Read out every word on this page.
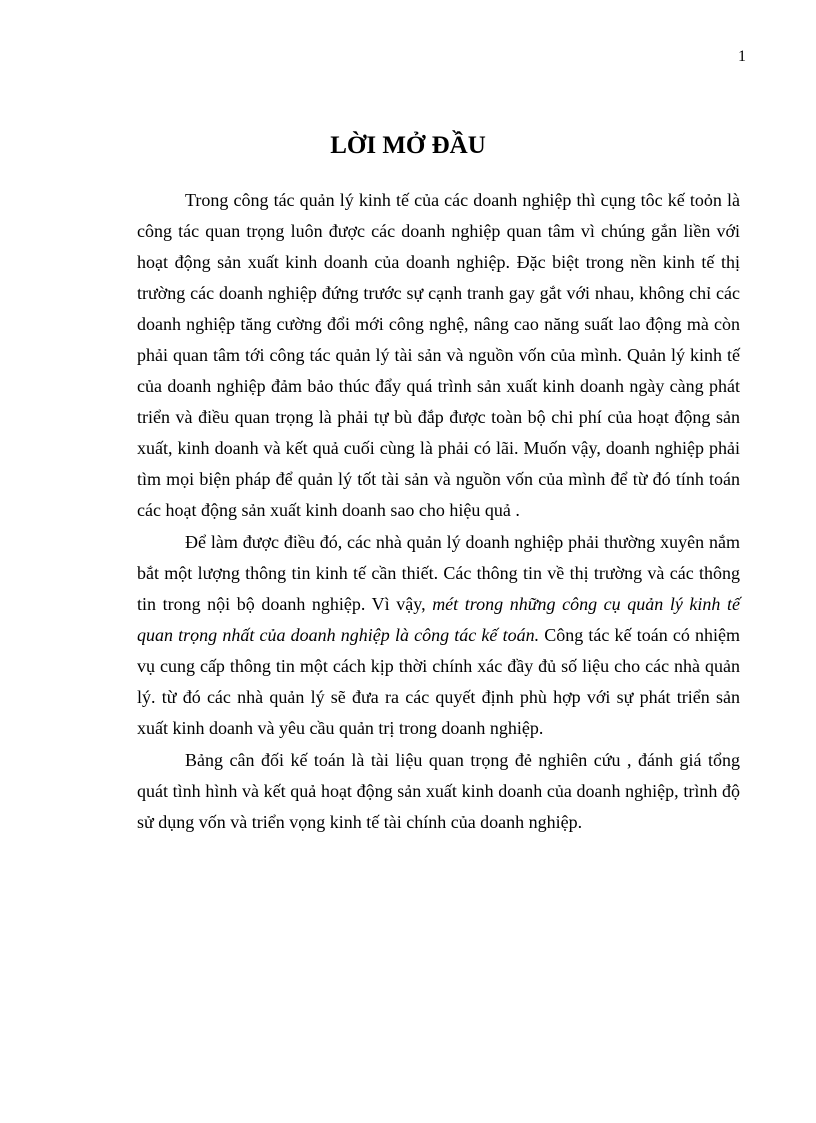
1
LỜI MỞ ĐẦU

Trong công tác quản lý kinh tế của các doanh nghiệp thì cụng tôc kế toỏn là công tác quan trọng luôn được các doanh nghiệp quan tâm vì chúng gắn liền với hoạt động sản xuất kinh doanh của doanh nghiệp. Đặc biệt trong nền kinh tế thị trường các doanh nghiệp đứng trước sự cạnh tranh gay gắt với nhau, không chỉ các doanh nghiệp tăng cường đổi mới công nghệ, nâng cao năng suất lao động mà còn phải quan tâm tới công tác quản lý tài sản và nguồn vốn của mình. Quản lý kinh tế của doanh nghiệp đảm bảo thúc đẩy quá trình sản xuất kinh doanh ngày càng phát triển và điều quan trọng là phải tự bù đắp được toàn bộ chi phí của hoạt động sản xuất, kinh doanh và kết quả cuối cùng là phải có lãi. Muốn vậy, doanh nghiệp phải tìm mọi biện pháp để quản lý tốt tài sản và nguồn vốn của mình để từ đó tính toán các hoạt động sản xuất kinh doanh sao cho hiệu quả .

Để làm được điều đó, các nhà quản lý doanh nghiệp phải thường xuyên nắm bắt một lượng thông tin kinh tế cần thiết. Các thông tin về thị trường và các thông tin trong nội bộ doanh nghiệp. Vì vậy, mét trong những công cụ quản lý kinh tế quan trọng nhất của doanh nghiệp là công tác kế toán. Công tác kế toán có nhiệm vụ cung cấp thông tin một cách kịp thời chính xác đầy đủ số liệu cho các nhà quản lý. từ đó các nhà quản lý sẽ đưa ra các quyết định phù hợp với sự phát triển sản xuất kinh doanh và yêu cầu quản trị trong doanh nghiệp.

Bảng cân đối kế toán là tài liệu quan trọng đẻ nghiên cứu , đánh giá tổng quát tình hình và kết quả hoạt động sản xuất kinh doanh của doanh nghiệp, trình độ sử dụng vốn và triển vọng kinh tế tài chính của doanh nghiệp.
